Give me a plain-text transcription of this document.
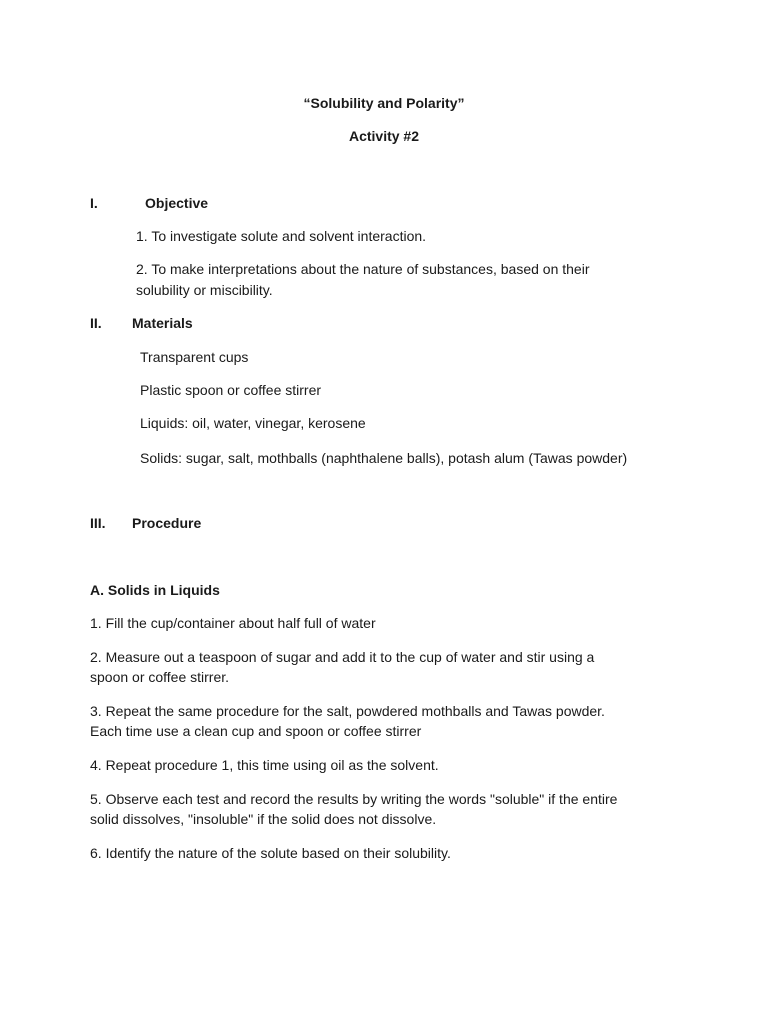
“Solubility and Polarity”
Activity #2
I.	Objective
1. To investigate solute and solvent interaction.
2. To make interpretations about the nature of substances, based on their
solubility or miscibility.
II. Materials
Transparent cups
Plastic spoon or coffee stirrer
Liquids: oil, water, vinegar, kerosene
Solids: sugar, salt, mothballs (naphthalene balls), potash alum (Tawas powder)
III. Procedure
A. Solids in Liquids
1. Fill the cup/container about half full of water
2. Measure out a teaspoon of sugar and add it to the cup of water and stir using a
spoon or coffee stirrer.
3. Repeat the same procedure for the salt, powdered mothballs and Tawas powder.
Each time use a clean cup and spoon or coffee stirrer
4. Repeat procedure 1, this time using oil as the solvent.
5. Observe each test and record the results by writing the words "soluble" if the entire
solid dissolves, "insoluble" if the solid does not dissolve.
6. Identify the nature of the solute based on their solubility.
